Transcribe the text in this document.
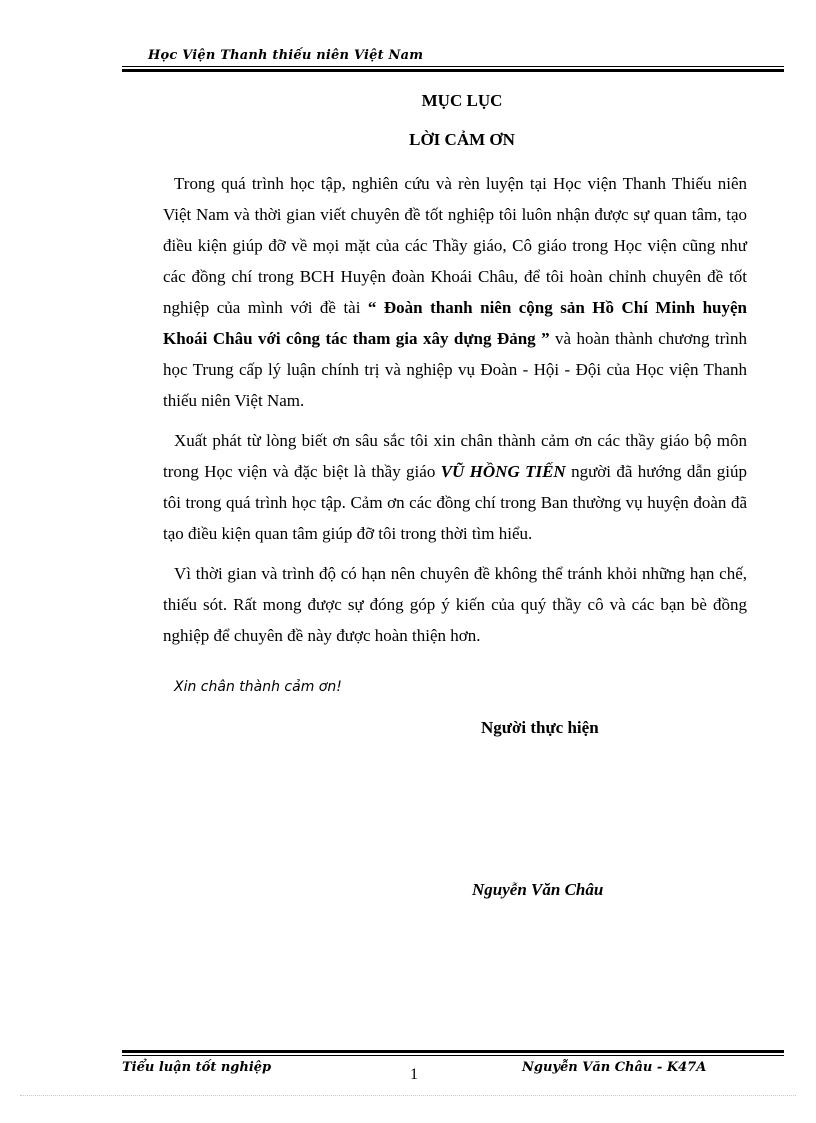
Học Viện Thanh thiếu niên Việt Nam
MỤC LỤC
LỜI CẢM ƠN

Trong quá trình học tập, nghiên cứu và rèn luyện tại Học viện Thanh Thiếu niên Việt Nam và thời gian viết chuyên đề tốt nghiệp tôi luôn nhận được sự quan tâm, tạo điều kiện giúp đỡ về mọi mặt của các Thầy giáo, Cô giáo trong Học viện cũng như các đồng chí trong BCH Huyện đoàn Khoái Châu, để tôi hoàn chỉnh chuyên đề tốt nghiệp của mình với đề tài “ Đoàn thanh niên cộng sản Hồ Chí Minh huyện Khoái Châu với công tác tham gia xây dựng Đảng ” và hoàn thành chương trình học Trung cấp lý luận chính trị và nghiệp vụ Đoàn - Hội - Đội của Học viện Thanh thiếu niên Việt Nam.

Xuất phát từ lòng biết ơn sâu sắc tôi xin chân thành cảm ơn các thầy giáo bộ môn trong Học viện và đặc biệt là thầy giáo VŨ HỒNG TIẾN người đã hướng dẫn giúp tôi trong quá trình học tập. Cảm ơn các đồng chí trong Ban thường vụ huyện đoàn đã tạo điều kiện quan tâm giúp đỡ tôi trong thời tìm hiểu.

Vì thời gian và trình độ có hạn nên chuyên đề không thể tránh khỏi những hạn chế, thiếu sót. Rất mong được sự đóng góp ý kiến của quý thầy cô và các bạn bè đồng nghiệp để chuyên đề này được hoàn thiện hơn.

Xin chân thành cảm ơn!
Người thực hiện
Nguyễn Văn Châu
Tiểu luận tốt nghiệp	1	Nguyễn Văn Châu - K47A
